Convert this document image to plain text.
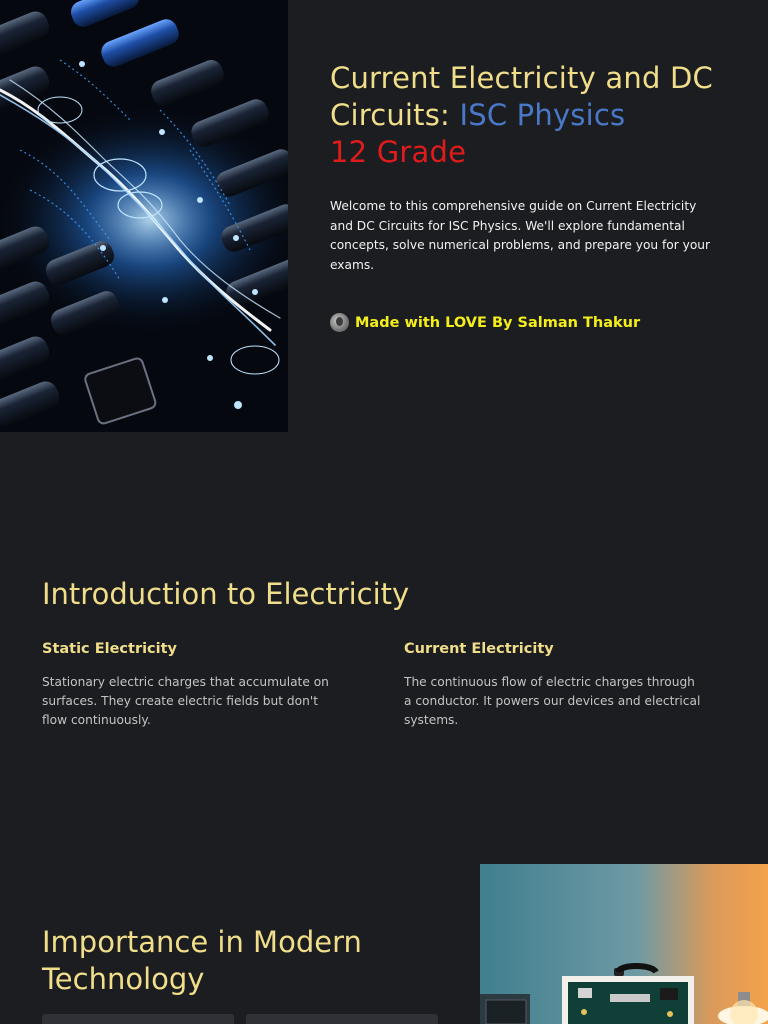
Current Electricity and DC Circuits: ISC Physics
12 Grade

Welcome to this comprehensive guide on Current Electricity and DC Circuits for ISC Physics. We'll explore fundamental concepts, solve numerical problems, and prepare you for your exams.

Made with LOVE By Salman Thakur
Introduction to Electricity
Static Electricity

Stationary electric charges that accumulate on surfaces. They create electric fields but don't flow continuously.

Current Electricity

The continuous flow of electric charges through a conductor. It powers our devices and electrical systems.

Importance in Modern Technology
